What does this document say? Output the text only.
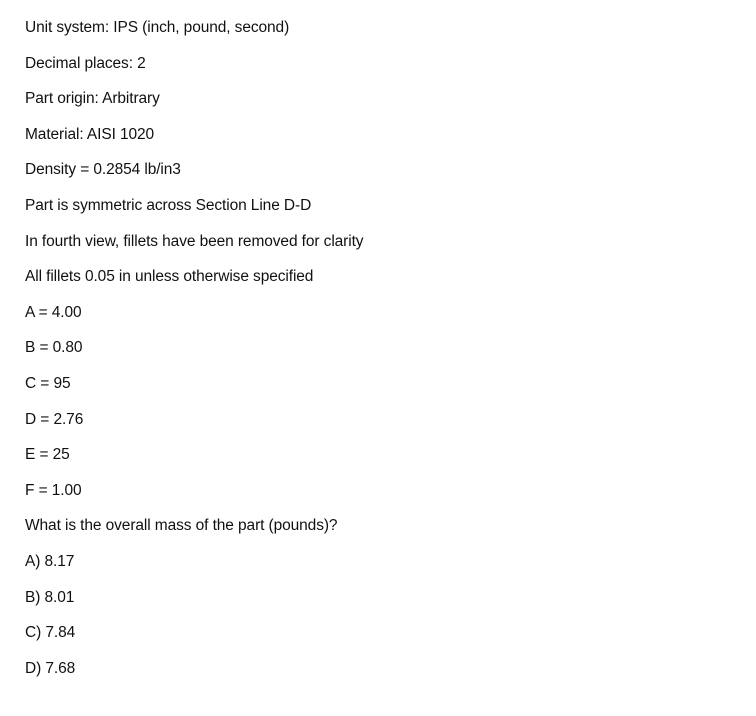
Unit system: IPS (inch, pound, second)
Decimal places: 2
Part origin: Arbitrary
Material: AISI 1020
Density = 0.2854 lb/in3
Part is symmetric across Section Line D-D
In fourth view, fillets have been removed for clarity
All fillets 0.05 in unless otherwise specified
A = 4.00
B = 0.80
C = 95
D = 2.76
E = 25
F = 1.00
What is the overall mass of the part (pounds)?
A) 8.17
B) 8.01
C) 7.84
D) 7.68
